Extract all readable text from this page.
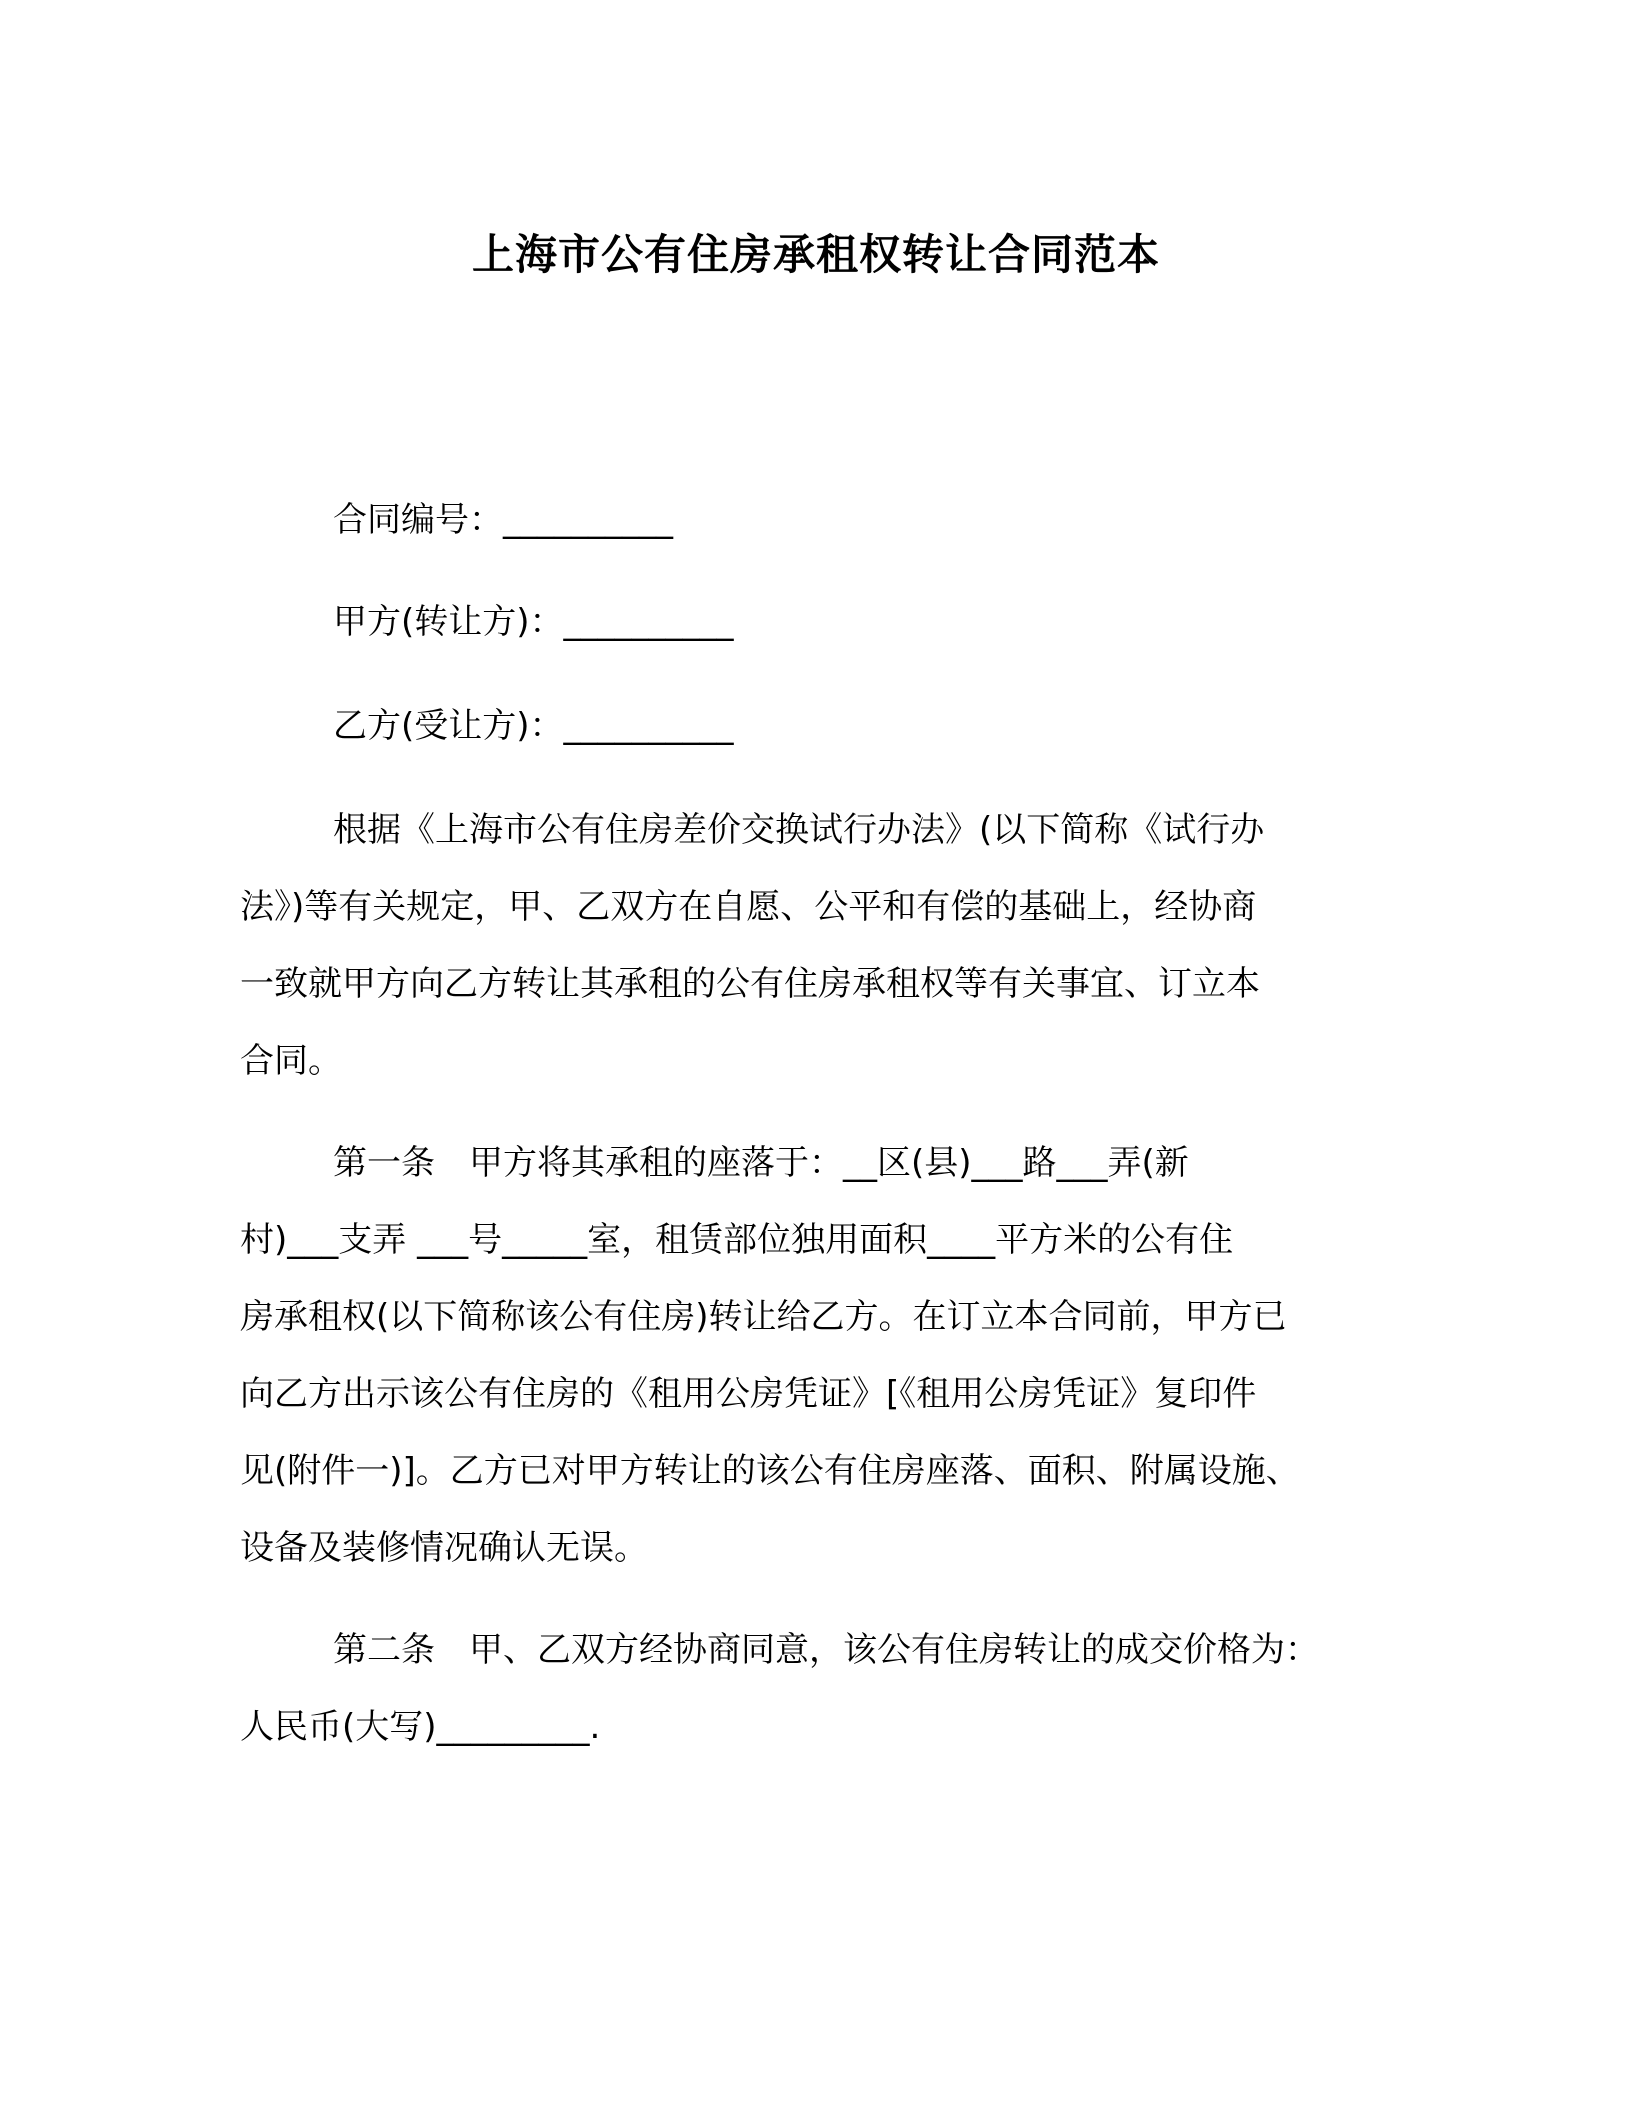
上海市公有住房承租权转让合同范本
合同编号：__________
甲方(转让方)：__________
乙方(受让方)：__________
根据《上海市公有住房差价交换试行办法》(以下简称《试行办
法》)等有关规定，甲、乙双方在自愿、公平和有偿的基础上，经协商
一致就甲方向乙方转让其承租的公有住房承租权等有关事宜、订立本
合同。
第一条　甲方将其承租的座落于：__区(县)___路___弄(新
村)___支弄 ___号_____室，租赁部位独用面积____平方米的公有住
房承租权(以下简称该公有住房)转让给乙方。在订立本合同前，甲方已
向乙方出示该公有住房的《租用公房凭证》[《租用公房凭证》复印件
见(附件一)]。乙方已对甲方转让的该公有住房座落、面积、附属设施、
设备及装修情况确认无误。
第二条　甲、乙双方经协商同意，该公有住房转让的成交价格为：
人民币(大写)_________.
